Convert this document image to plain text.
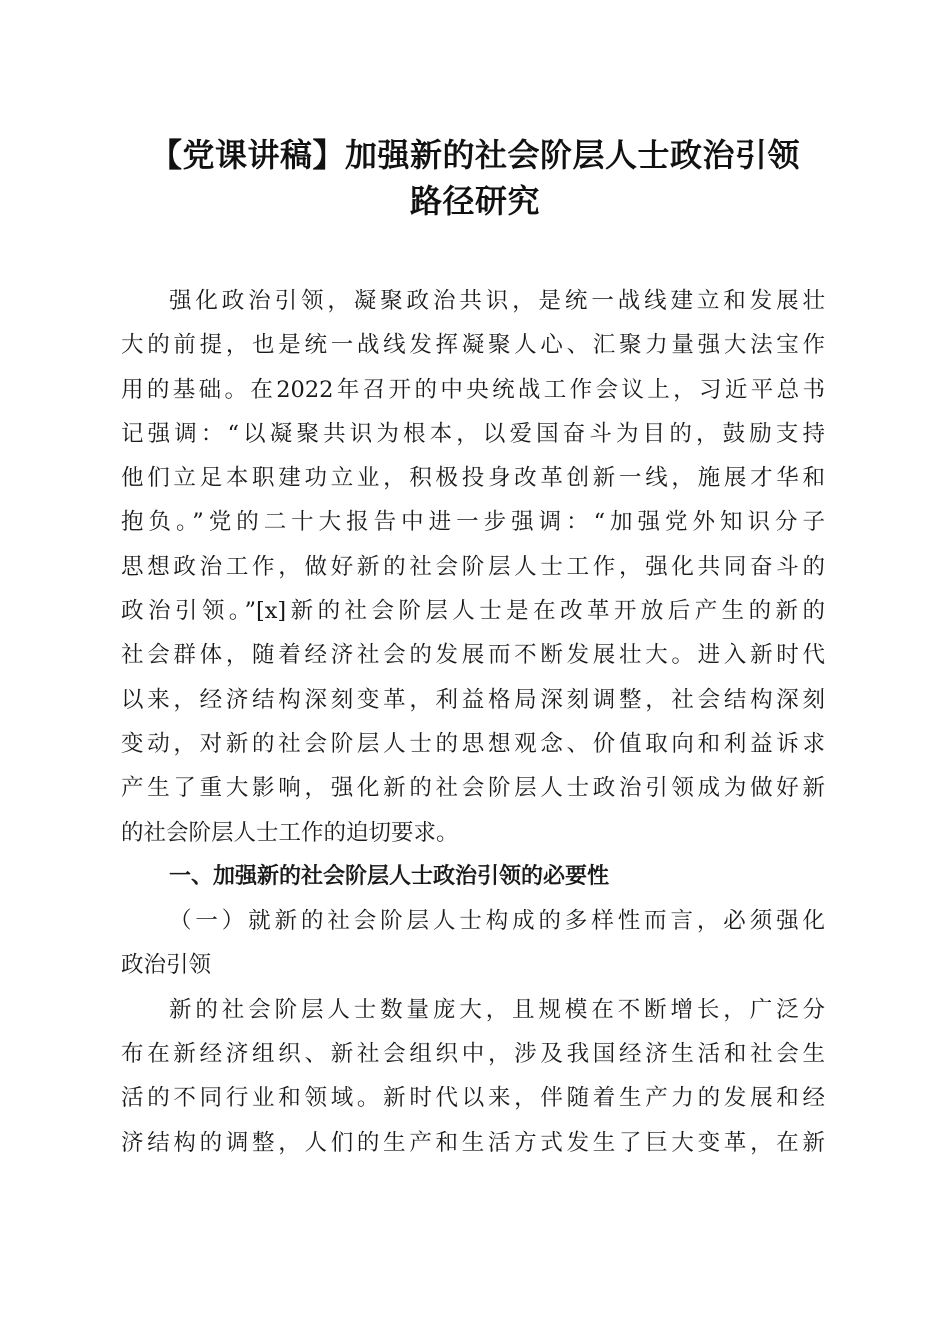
【党课讲稿】加强新的社会阶层人士政治引领
路径研究
强化政治引领，凝聚政治共识，是统一战线建立和发展壮
大的前提，也是统一战线发挥凝聚人心、汇聚力量强大法宝作
用的基础。在2022年召开的中央统战工作会议上，习近平总书
记强调：“以凝聚共识为根本，以爱国奋斗为目的，鼓励支持
他们立足本职建功立业，积极投身改革创新一线，施展才华和
抱负。”党的二十大报告中进一步强调：“加强党外知识分子
思想政治工作，做好新的社会阶层人士工作，强化共同奋斗的
政治引领。”[x]新的社会阶层人士是在改革开放后产生的新的
社会群体，随着经济社会的发展而不断发展壮大。进入新时代
以来，经济结构深刻变革，利益格局深刻调整，社会结构深刻
变动，对新的社会阶层人士的思想观念、价值取向和利益诉求
产生了重大影响，强化新的社会阶层人士政治引领成为做好新
的社会阶层人士工作的迫切要求。
一、加强新的社会阶层人士政治引领的必要性
（一）就新的社会阶层人士构成的多样性而言，必须强化
政治引领
新的社会阶层人士数量庞大，且规模在不断增长，广泛分
布在新经济组织、新社会组织中，涉及我国经济生活和社会生
活的不同行业和领域。新时代以来，伴随着生产力的发展和经
济结构的调整，人们的生产和生活方式发生了巨大变革，在新
